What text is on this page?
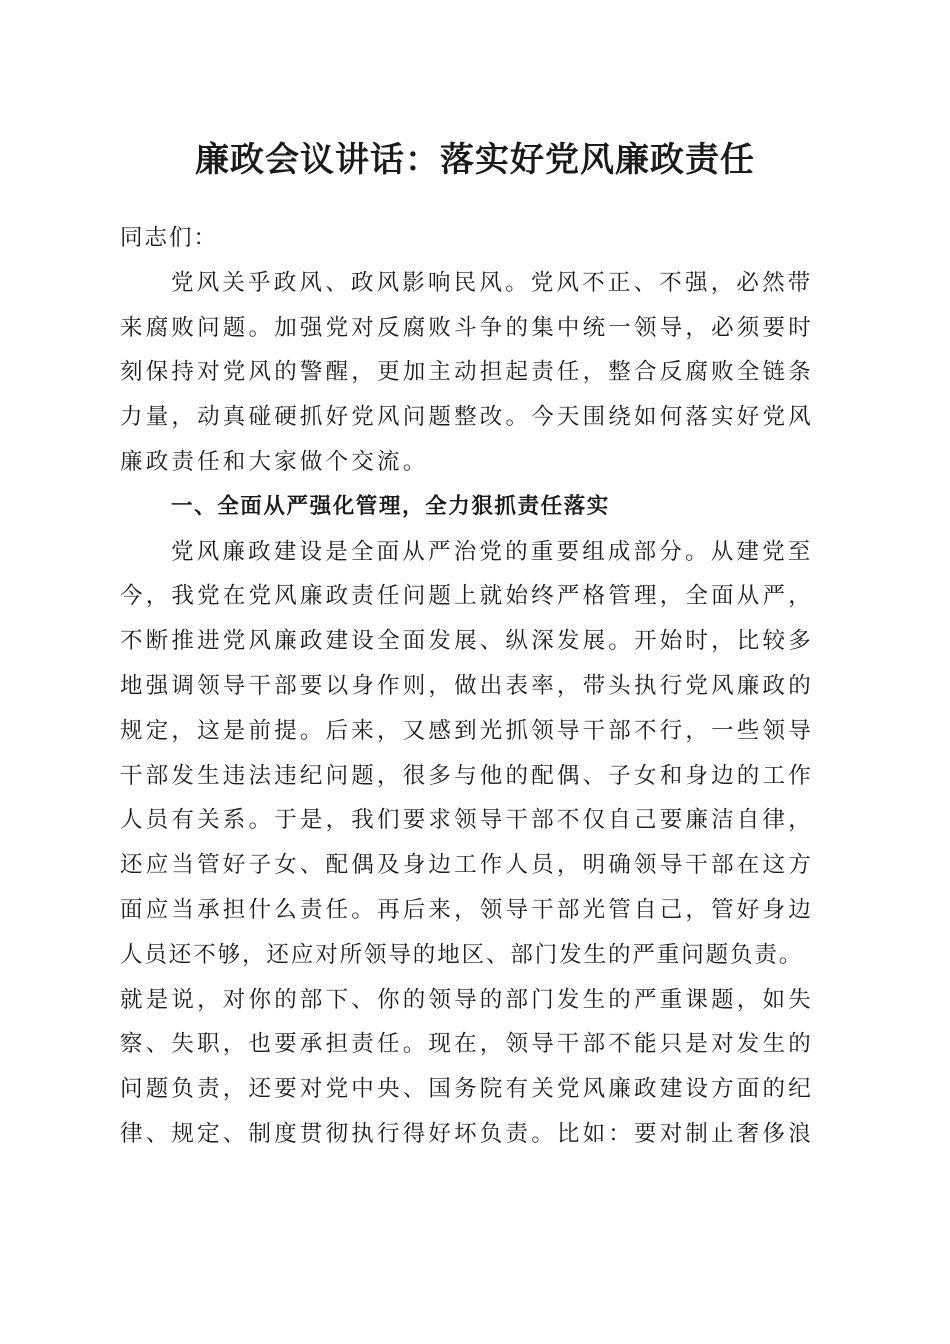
廉政会议讲话：落实好党风廉政责任

同志们：

党风关乎政风、政风影响民风。党风不正、不强，必然带
来腐败问题。加强党对反腐败斗争的集中统一领导，必须要时
刻保持对党风的警醒，更加主动担起责任，整合反腐败全链条
力量，动真碰硬抓好党风问题整改。今天围绕如何落实好党风
廉政责任和大家做个交流。

一、全面从严强化管理，全力狠抓责任落实

党风廉政建设是全面从严治党的重要组成部分。从建党至
今，我党在党风廉政责任问题上就始终严格管理，全面从严，
不断推进党风廉政建设全面发展、纵深发展。开始时，比较多
地强调领导干部要以身作则，做出表率，带头执行党风廉政的
规定，这是前提。后来，又感到光抓领导干部不行，一些领导
干部发生违法违纪问题，很多与他的配偶、子女和身边的工作
人员有关系。于是，我们要求领导干部不仅自己要廉洁自律，
还应当管好子女、配偶及身边工作人员，明确领导干部在这方
面应当承担什么责任。再后来，领导干部光管自己，管好身边
人员还不够，还应对所领导的地区、部门发生的严重问题负责。
就是说，对你的部下、你的领导的部门发生的严重课题，如失
察、失职，也要承担责任。现在，领导干部不能只是对发生的
问题负责，还要对党中央、国务院有关党风廉政建设方面的纪
律、规定、制度贯彻执行得好坏负责。比如：要对制止奢侈浪
